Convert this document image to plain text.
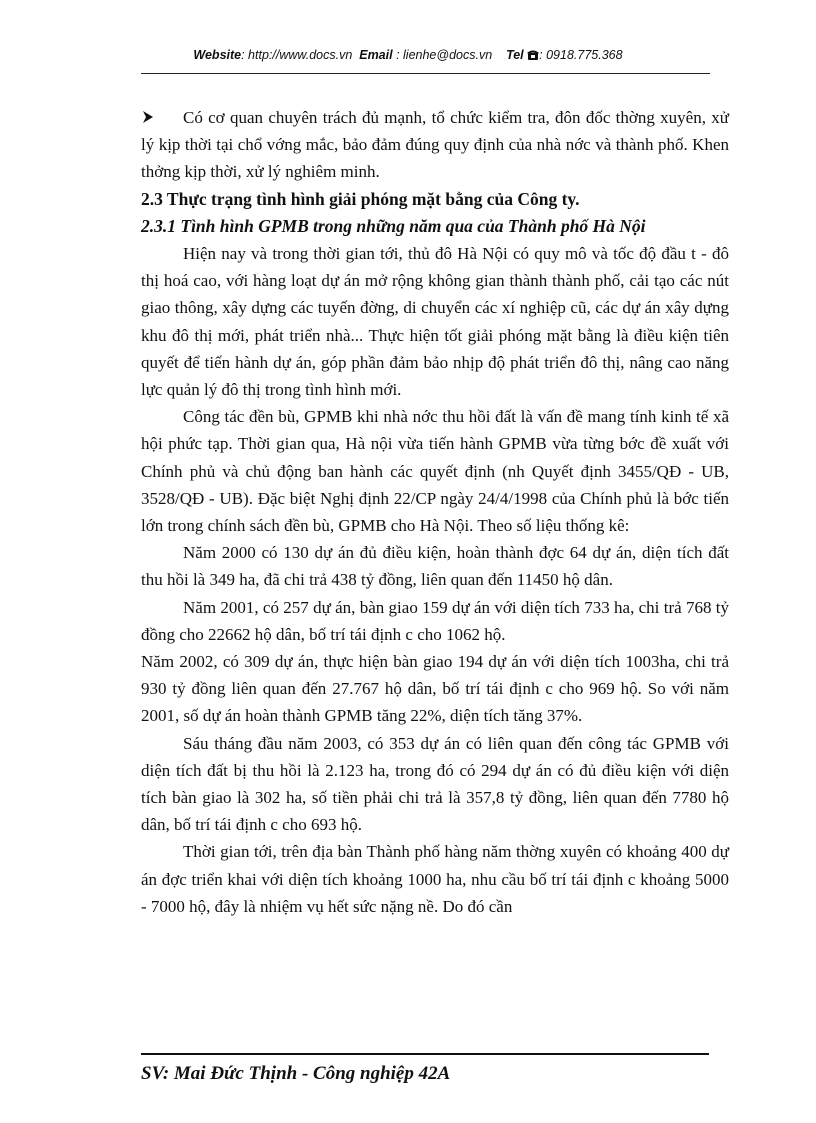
Website: http://www.docs.vn Email : lienhe@docs.vn Tel : 0918.775.368

Có cơ quan chuyên trách đủ mạnh, tổ chức kiểm tra, đôn đốc thờng xuyên, xử lý kịp thời tại chổ vớng mắc, bảo đảm đúng quy định của nhà nớc và thành phố. Khen thởng kịp thời, xử lý nghiêm minh.

2.3 Thực trạng tình hình giải phóng mặt bằng của Công ty.

2.3.1 Tình hình GPMB trong những năm qua của Thành phố Hà Nội

Hiện nay và trong thời gian tới, thủ đô Hà Nội có quy mô và tốc độ đầu t - đô thị hoá cao, với hàng loạt dự án mở rộng không gian thành thành phố, cải tạo các nút giao thông, xây dựng các tuyến đờng, di chuyển các xí nghiệp cũ, các dự án xây dựng khu đô thị mới, phát triển nhà... Thực hiện tốt giải phóng mặt bằng là điều kiện tiên quyết để tiến hành dự án, góp phần đảm bảo nhịp độ phát triển đô thị, nâng cao năng lực quản lý đô thị trong tình hình mới.

Công tác đền bù, GPMB khi nhà nớc thu hồi đất là vấn đề mang tính kinh tế xã hội phức tạp. Thời gian qua, Hà nội vừa tiến hành GPMB vừa từng bớc đề xuất với Chính phủ và chủ động ban hành các quyết định (nh Quyết định 3455/QĐ - UB, 3528/QĐ - UB). Đặc biệt Nghị định 22/CP ngày 24/4/1998 của Chính phủ là bớc tiến lớn trong chính sách đền bù, GPMB cho Hà Nội. Theo số liệu thống kê:

Năm 2000 có 130 dự án đủ điều kiện, hoàn thành đợc 64 dự án, diện tích đất thu hồi là 349 ha, đã chi trả 438 tỷ đồng, liên quan đến 11450 hộ dân.

Năm 2001, có 257 dự án, bàn giao 159 dự án với diện tích 733 ha, chi trả 768 tỷ đồng cho 22662 hộ dân, bố trí tái định c cho 1062 hộ.

Năm 2002, có 309 dự án, thực hiện bàn giao 194 dự án với diện tích 1003ha, chi trả 930 tỷ đồng liên quan đến 27.767 hộ dân, bố trí tái định c cho 969 hộ. So với năm 2001, số dự án hoàn thành GPMB tăng 22%, diện tích tăng 37%.

Sáu tháng đầu năm 2003, có 353 dự án có liên quan đến công tác GPMB với diện tích đất bị thu hồi là 2.123 ha, trong đó có 294 dự án có đủ điều kiện với diện tích bàn giao là 302 ha, số tiền phải chi trả là 357,8 tỷ đồng, liên quan đến 7780 hộ dân, bố trí tái định c cho 693 hộ.

Thời gian tới, trên địa bàn Thành phố hàng năm thờng xuyên có khoảng 400 dự án đợc triển khai với diện tích khoảng 1000 ha, nhu cầu bố trí tái định c khoảng 5000 - 7000 hộ, đây là nhiệm vụ hết sức nặng nề. Do đó cần

SV: Mai Đức Thịnh - Công nghiệp 42A
